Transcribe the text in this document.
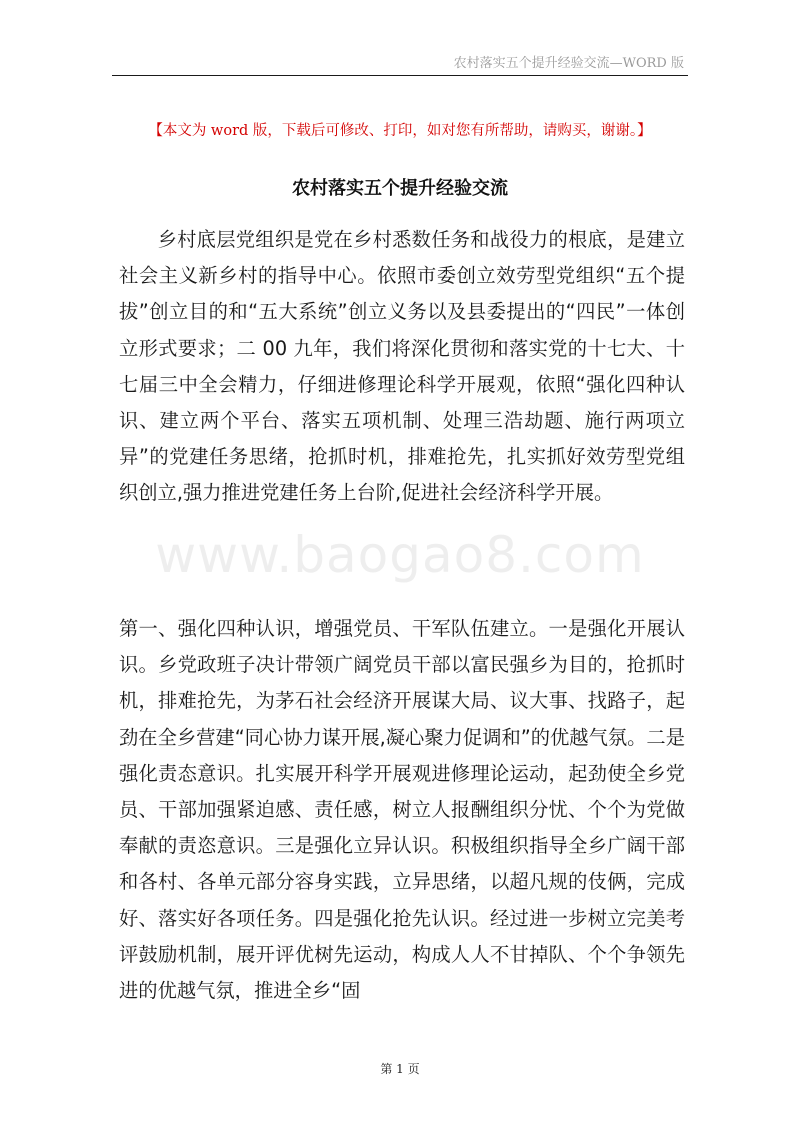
农村落实五个提升经验交流—WORD 版
【本文为 word 版，下载后可修改、打印，如对您有所帮助，请购买，谢谢。】
农村落实五个提升经验交流

乡村底层党组织是党在乡村悉数任务和战役力的根底，是建立社会主义新乡村的指导中心。依照市委创立效劳型党组织“五个提拔”创立目的和“五大系统”创立义务以及县委提出的“四民”一体创立形式要求；二 00 九年，我们将深化贯彻和落实党的十七大、十七届三中全会精力，仔细进修理论科学开展观，依照“强化四种认识、建立两个平台、落实五项机制、处理三浩劫题、施行两项立异”的党建任务思绪，抢抓时机，排难抢先，扎实抓好效劳型党组织创立,强力推进党建任务上台阶,促进社会经济科学开展。

www.baogao8.com

第一、强化四种认识，增强党员、干军队伍建立。一是强化开展认识。乡党政班子决计带领广阔党员干部以富民强乡为目的，抢抓时机，排难抢先，为茅石社会经济开展谋大局、议大事、找路子，起劲在全乡营建“同心协力谋开展,凝心聚力促调和”的优越气氛。二是强化责态意识。扎实展开科学开展观进修理论运动，起劲使全乡党员、干部加强紧迫感、责任感，树立人报酬组织分忧、个个为党做奉献的责恣意识。三是强化立异认识。积极组织指导全乡广阔干部和各村、各单元部分容身实践，立异思绪，以超凡规的伎俩，完成好、落实好各项任务。四是强化抢先认识。经过进一步树立完美考评鼓励机制，展开评优树先运动，构成人人不甘掉队、个个争领先进的优越气氛，推进全乡“固

第 1 页
